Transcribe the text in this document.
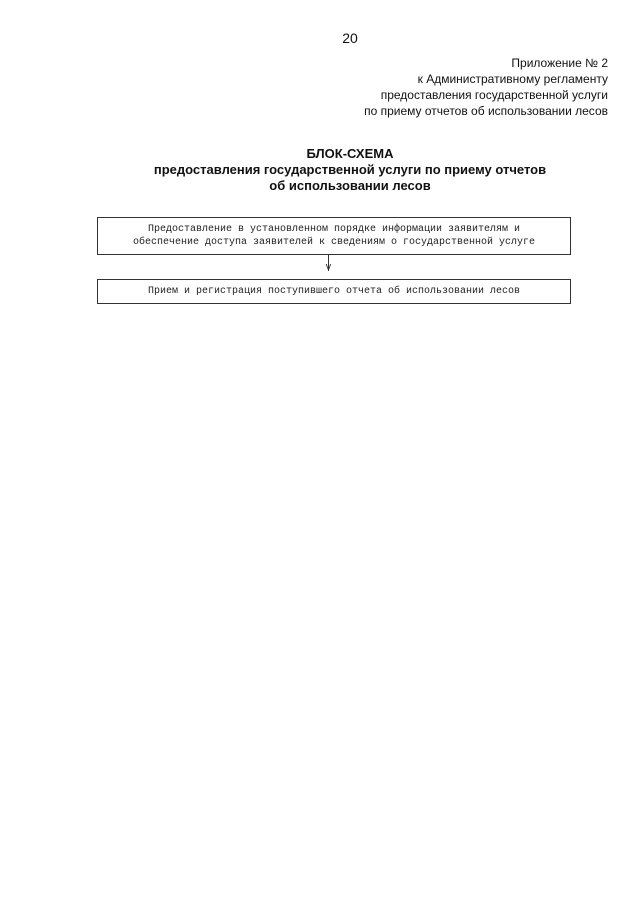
20
Приложение № 2
к Административному регламенту
предоставления государственной услуги
по приему отчетов об использовании лесов
БЛОК-СХЕМА
предоставления государственной услуги по приему отчетов
об использовании лесов
Предоставление в установленном порядке информации заявителям и
обеспечение доступа заявителей к сведениям о государственной услуге
V
Прием и регистрация поступившего отчета об использовании лесов
